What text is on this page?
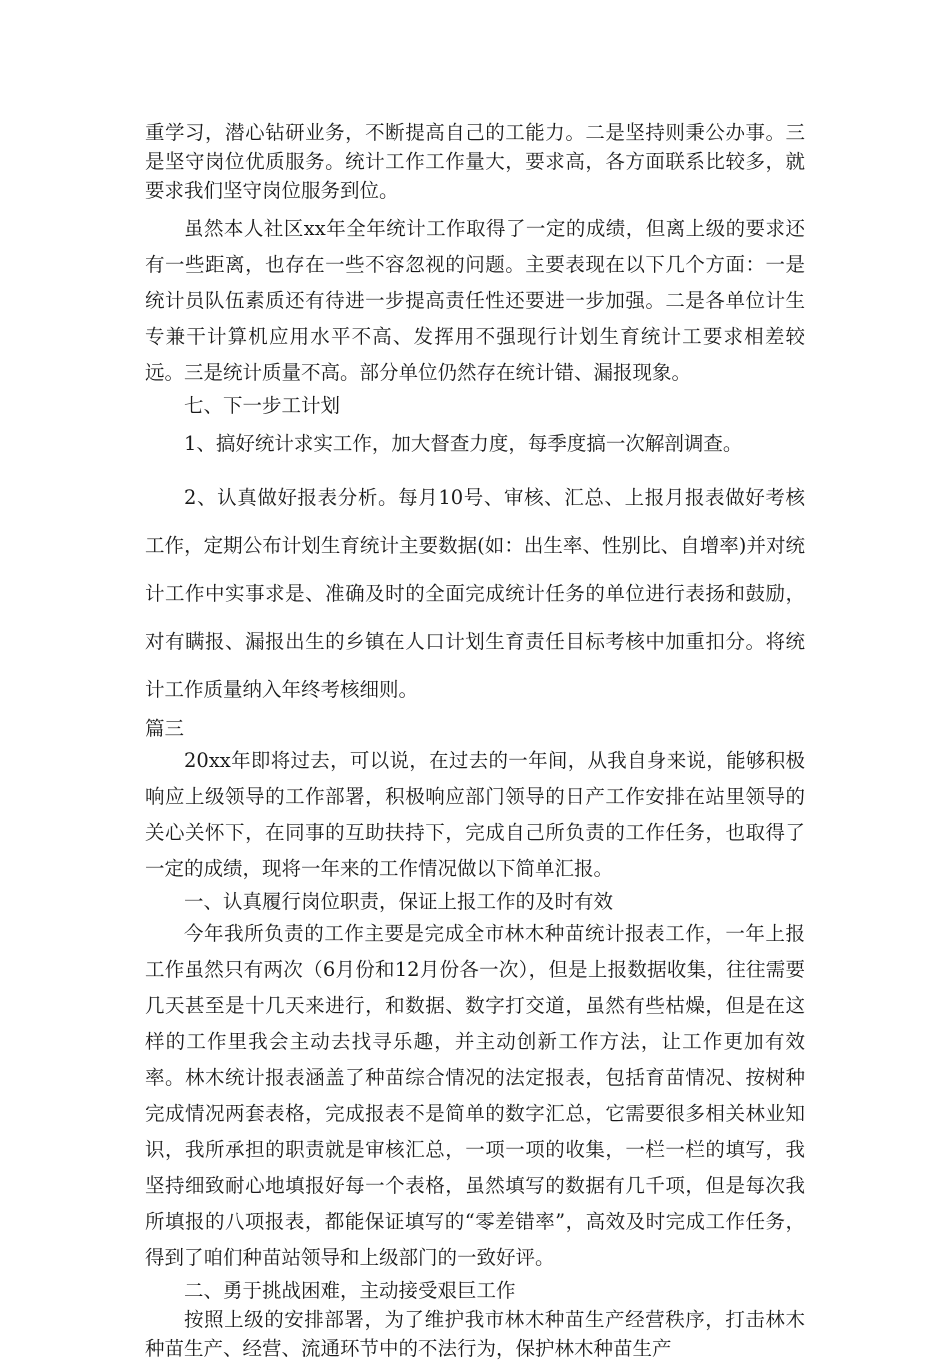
重学习，潜心钻研业务，不断提高自己的工能力。二是坚持则秉公办事。三是坚守岗位优质服务。统计工作工作量大，要求高，各方面联系比较多，就要求我们坚守岗位服务到位。

虽然本人社区xx年全年统计工作取得了一定的成绩，但离上级的要求还有一些距离，也存在一些不容忽视的问题。主要表现在以下几个方面：一是统计员队伍素质还有待进一步提高责任性还要进一步加强。二是各单位计生专兼干计算机应用水平不高、发挥用不强现行计划生育统计工要求相差较远。三是统计质量不高。部分单位仍然存在统计错、漏报现象。

七、下一步工计划

1、搞好统计求实工作，加大督查力度，每季度搞一次解剖调查。

2、认真做好报表分析。每月10号、审核、汇总、上报月报表做好考核工作，定期公布计划生育统计主要数据(如：出生率、性别比、自增率)并对统计工作中实事求是、准确及时的全面完成统计任务的单位进行表扬和鼓励，对有瞒报、漏报出生的乡镇在人口计划生育责任目标考核中加重扣分。将统计工作质量纳入年终考核细则。

篇三

20xx年即将过去，可以说，在过去的一年间，从我自身来说，能够积极响应上级领导的工作部署，积极响应部门领导的日产工作安排在站里领导的关心关怀下，在同事的互助扶持下，完成自己所负责的工作任务，也取得了一定的成绩，现将一年来的工作情况做以下简单汇报。

一、认真履行岗位职责，保证上报工作的及时有效

今年我所负责的工作主要是完成全市林木种苗统计报表工作，一年上报工作虽然只有两次（6月份和12月份各一次），但是上报数据收集，往往需要几天甚至是十几天来进行，和数据、数字打交道，虽然有些枯燥，但是在这样的工作里我会主动去找寻乐趣，并主动创新工作方法，让工作更加有效率。林木统计报表涵盖了种苗综合情况的法定报表，包括育苗情况、按树种完成情况两套表格，完成报表不是简单的数字汇总，它需要很多相关林业知识，我所承担的职责就是审核汇总，一项一项的收集，一栏一栏的填写，我坚持细致耐心地填报好每一个表格，虽然填写的数据有几千项，但是每次我所填报的八项报表，都能保证填写的“零差错率”，高效及时完成工作任务，得到了咱们种苗站领导和上级部门的一致好评。

二、勇于挑战困难，主动接受艰巨工作

按照上级的安排部署，为了维护我市林木种苗生产经营秩序，打击林木种苗生产、经营、流通环节中的不法行为，保护林木种苗生产
